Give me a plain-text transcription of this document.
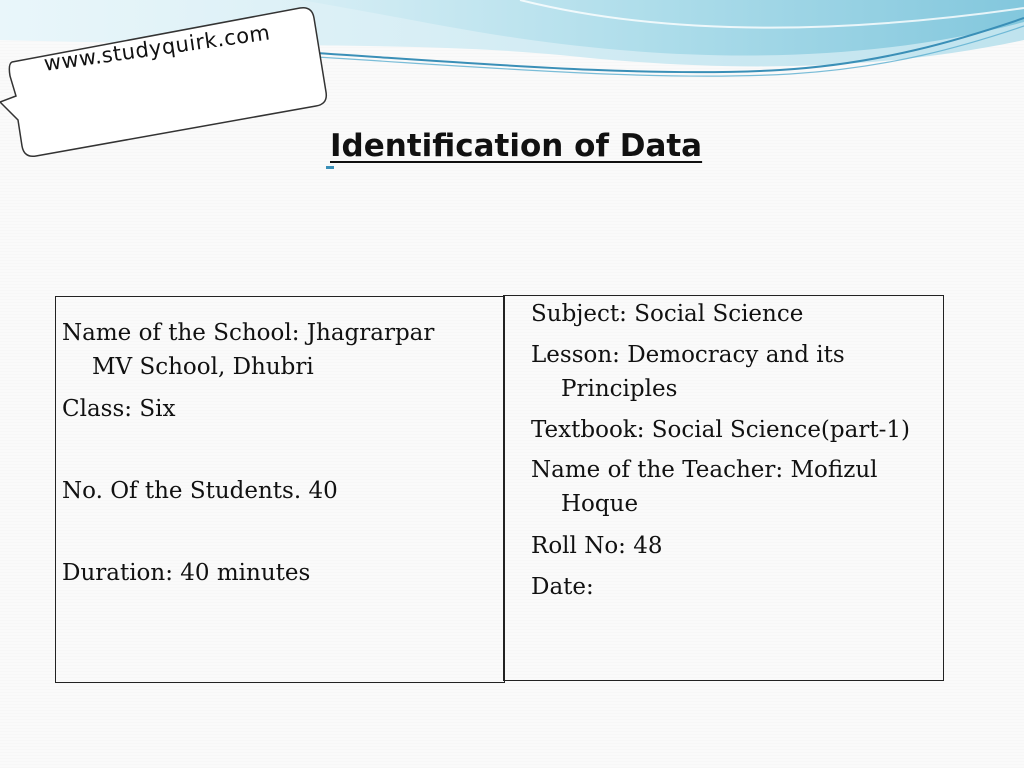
www.studyquirk.com
Identification of Data
Name of the School: Jhagrarpar
MV School, Dhubri
Class: Six
No. Of the Students. 40
Duration: 40 minutes
Subject: Social Science
Lesson: Democracy and its
Principles
Textbook: Social Science(part-1)
Name of the Teacher: Mofizul
Hoque
Roll No: 48
Date:
